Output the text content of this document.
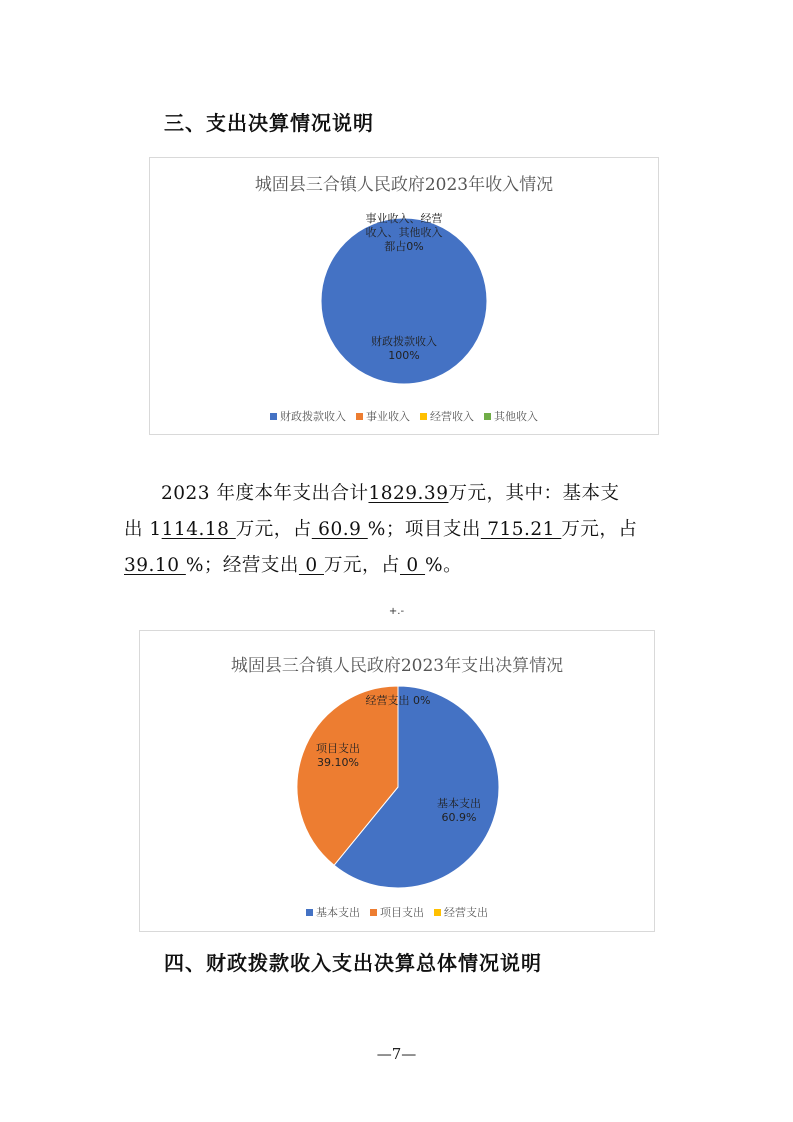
三、支出决算情况说明
城固县三合镇人民政府2023年收入情况
财政拨款收入 100%
事业收入、经营收入、其他收入都占0%
财政拨款收入 事业收入 经营收入 其他收入
2023 年度本年支出合计1829.39万元，其中：基本支
出 1114.18 万元，占 60.9 %；项目支出 715.21 万元，占
39.10 %；经营支出 0 万元，占 0 %。
+.-
城固县三合镇人民政府2023年支出决算情况
基本支出 60.9%
项目支出 39.10%
经营支出 0%
基本支出 项目支出 经营支出
四、财政拨款收入支出决算总体情况说明
—7—
